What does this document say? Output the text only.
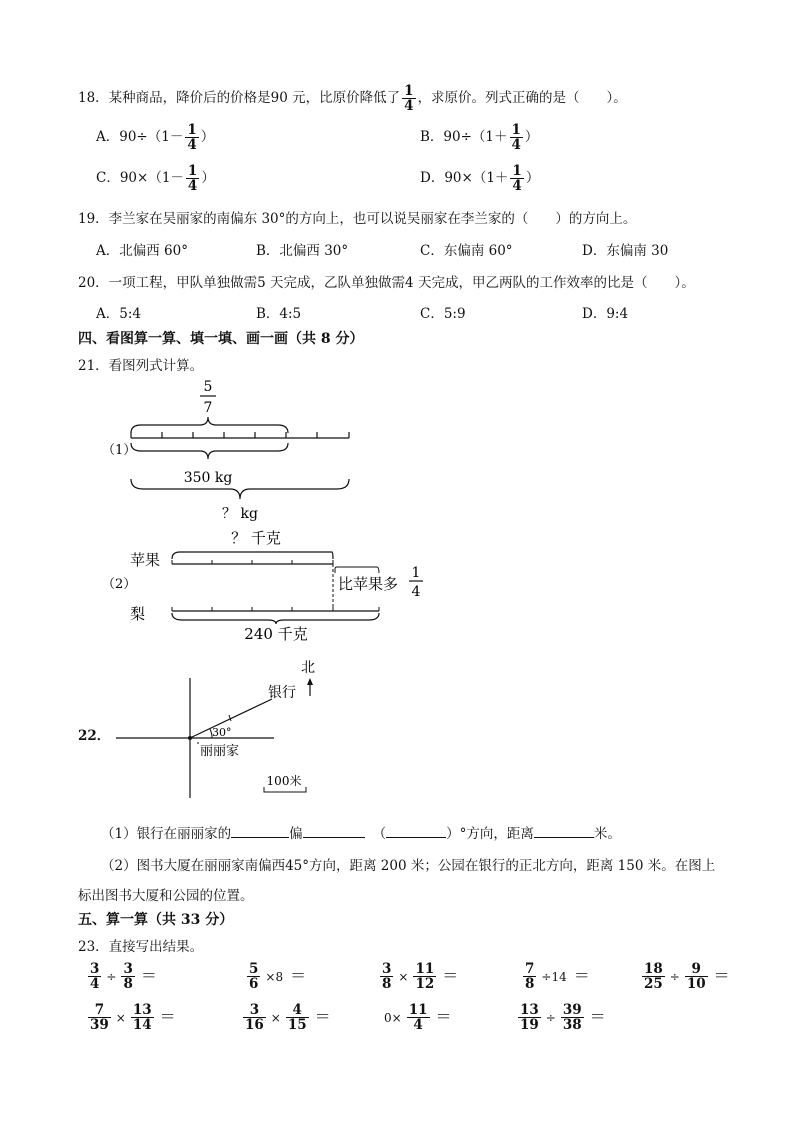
18．某种商品，降价后的价格是90 元，比原价降低了 $\frac{1}{4}$ ，求原价。列式正确的是（　　）。
A．$90\div(1- \frac{1}{4}$ ）	B．$90\div(1+ \frac{1}{4}$ ）
C．$90\times(1- \frac{1}{4}$ ）	D．$90\times(1+ \frac{1}{4}$ ）
19．李兰家在吴丽家的南偏东 30°的方向上，也可以说吴丽家在李兰家的（　　）的方向上。
A．北偏西 60°	B．北偏西 30°	C．东偏南 60°	D．东偏南 30
20．一项工程，甲队单独做需5 天完成，乙队单独做需4 天完成，甲乙两队的工作效率的比是（　　）。
A．5:4	B．4:5	C．5:9	D．9:4
四、看图算一算、填一填、画一画（共 8 分）
21．看图列式计算。
5
7
（1）
350 kg
？ kg
？ 千克
苹果
（2）	比苹果多
1
4
梨
240 千克
22．	30°
银行
北
丽丽家
100米
（1）银行在丽丽家的	偏	（	）°方向，距离	米。
（2）图书大厦在丽丽家南偏西45°方向，距离 200 米；公园在银行的正北方向，距离 150 米。在图上
标出图书大厦和公园的位置。
五、算一算（共 33 分）
23．直接写出结果。
$\frac{3}{4} \div \frac{3}{8}$ ＝	$\frac{5}{6} \times 8$ ＝	$\frac{3}{8} \times \frac{11}{12}$ ＝	$\frac{7}{8} \div 14$ ＝	$\frac{18}{25} \div \frac{9}{10}$ ＝
$\frac{7}{39} \times \frac{13}{14}$ ＝	$\frac{3}{16} \times \frac{4}{15}$ ＝	$0\times \frac{11}{4}$ ＝	$\frac{13}{19} \div \frac{39}{38}$ ＝
